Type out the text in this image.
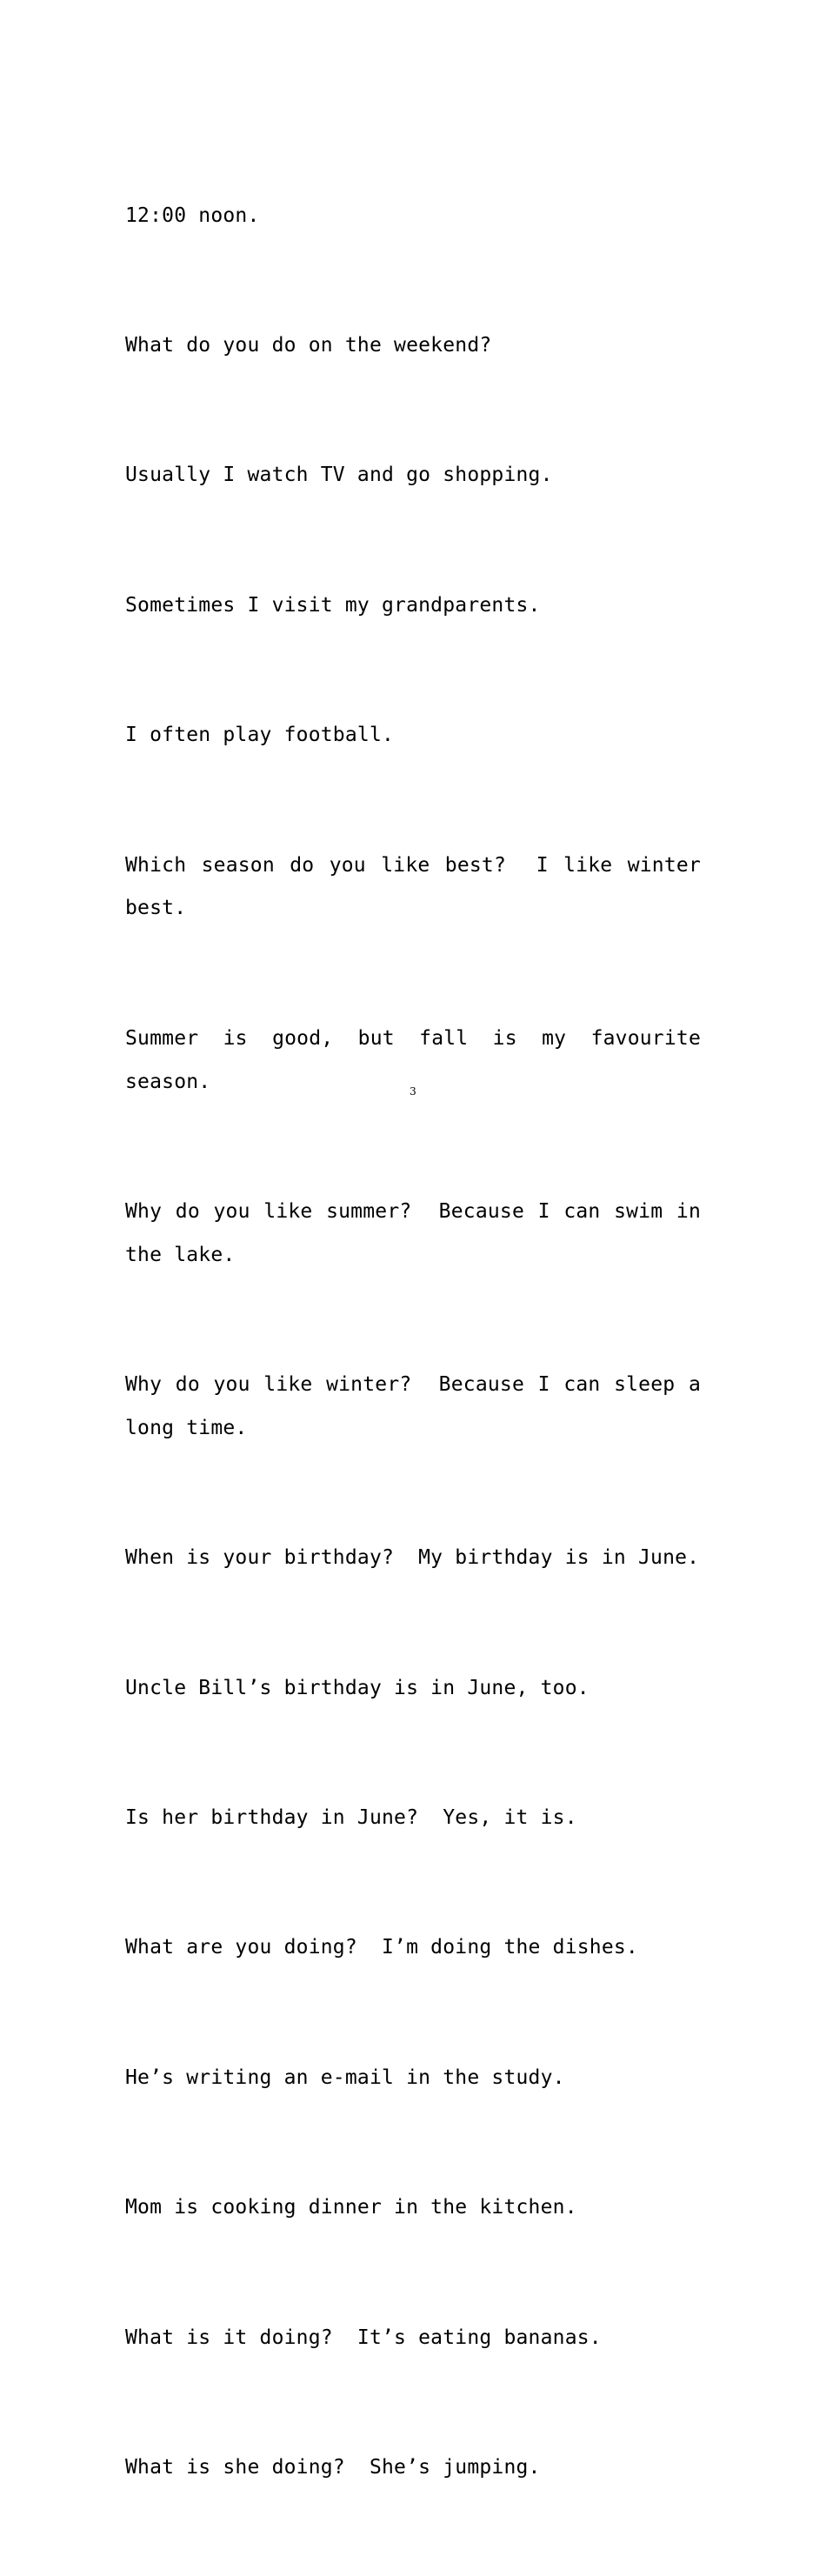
12:00 noon.

What do you do on the weekend?

Usually I watch TV and go shopping.

Sometimes I visit my grandparents.

I often play football.

Which season do you like best?  I like winter best.

Summer is good, but fall is my favourite season.

Why do you like summer?  Because I can swim in the lake.

Why do you like winter?  Because I can sleep a long time.

When is your birthday?  My birthday is in June.

Uncle Bill’s birthday is in June, too.

Is her birthday in June?  Yes, it is.

What are you doing?  I’m doing the dishes.

He’s writing an e-mail in the study.

Mom is cooking dinner in the kitchen.

What is it doing?  It’s eating bananas.

What is she doing?  She’s jumping.

3
